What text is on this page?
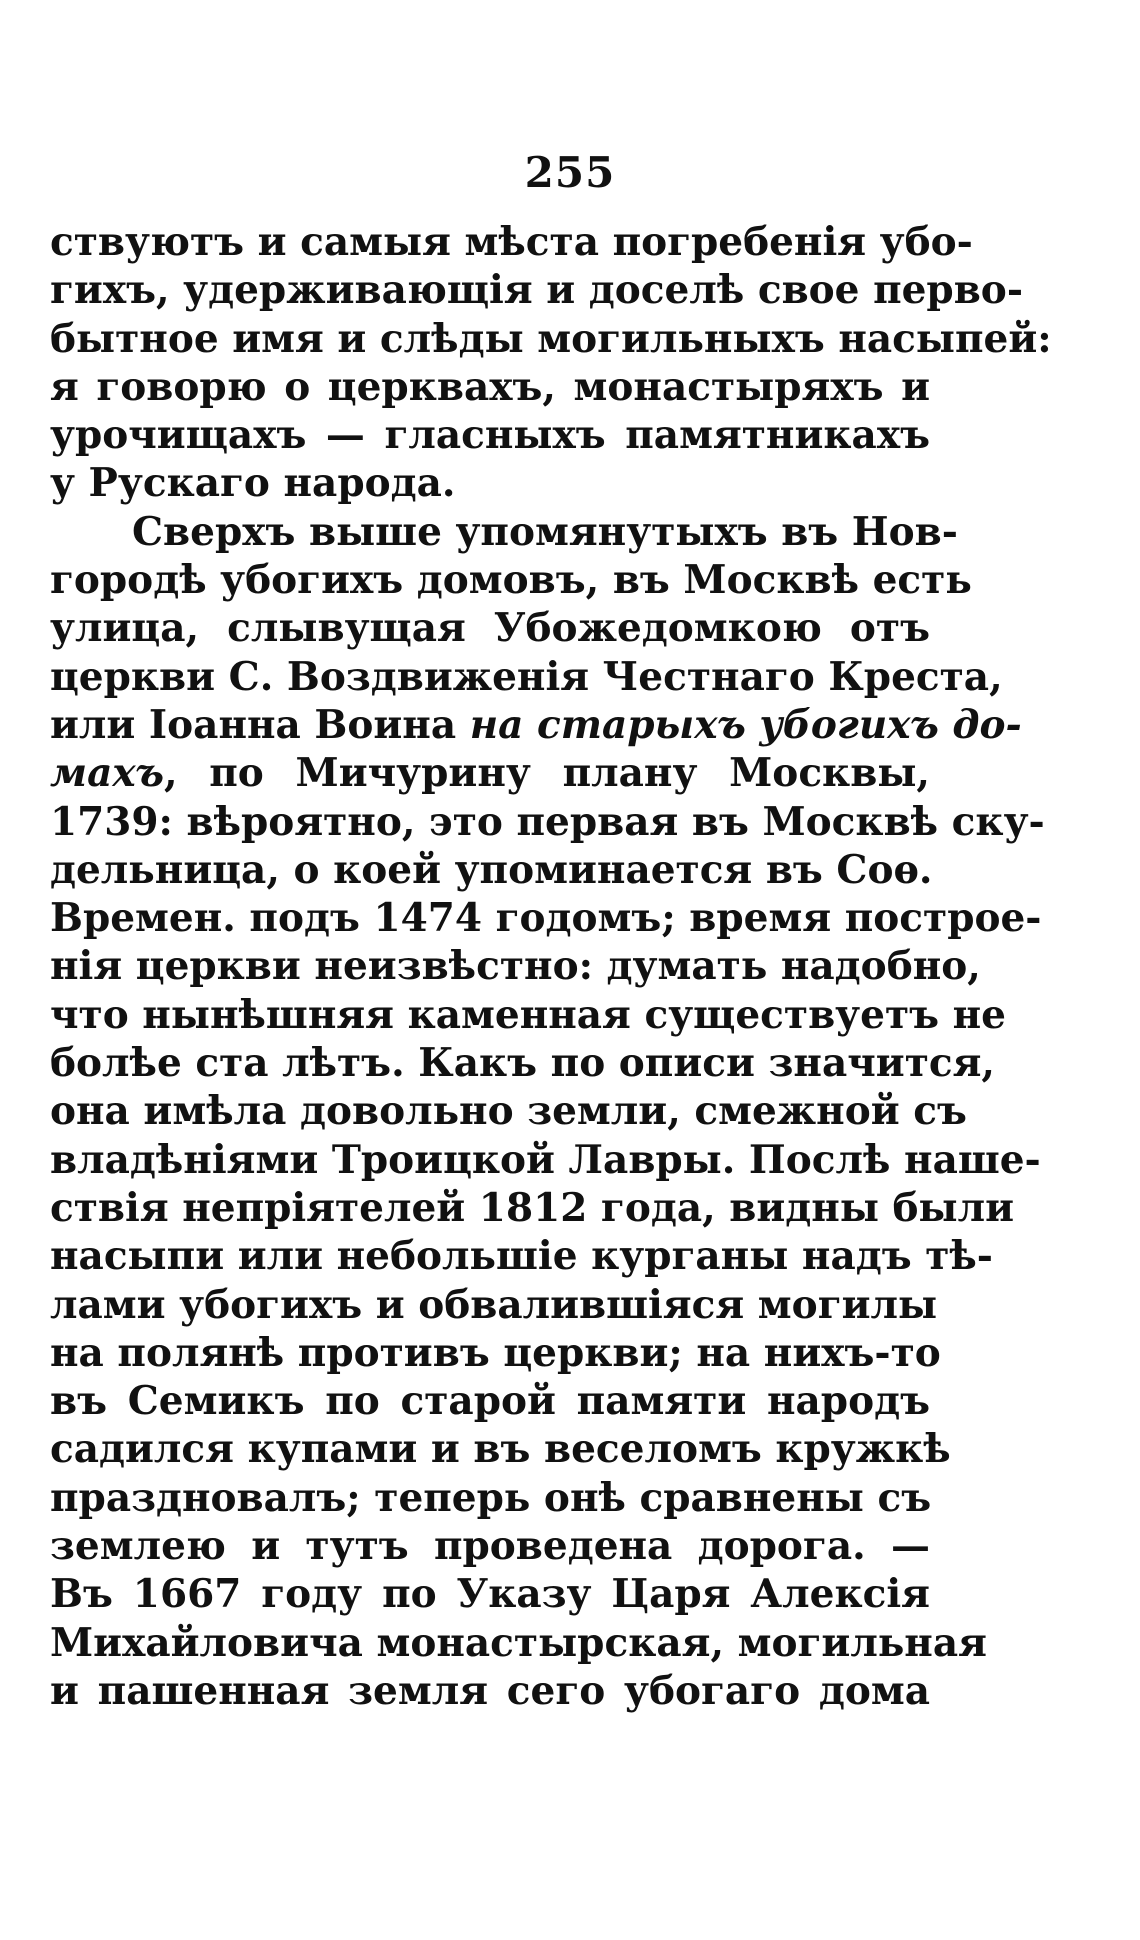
255
ствуютъ и самыя мѣста погребенія убо-
гихъ, удерживающія и доселѣ свое перво-
бытное имя и слѣды могильныхъ насыпей:
я говорю о церквахъ, монастыряхъ и
урочищахъ — гласныхъ памятникахъ
у Рускаго народа.
Сверхъ выше упомянутыхъ въ Нов-
городѣ убогихъ домовъ, въ Москвѣ есть
улица, слывущая Убожедомкою отъ
церкви С. Воздвиженія Честнаго Креста,
или Іоанна Воина на старыхъ убогихъ до-
махъ, по Мичурину плану Москвы,
1739: вѣроятно, это первая въ Москвѣ ску-
дельница, о коей упоминается въ Соѳ.
Времен. подъ 1474 годомъ; время построе-
нія церкви неизвѣстно: думать надобно,
что нынѣшняя каменная существуетъ не
болѣе ста лѣтъ. Какъ по описи значится,
она имѣла довольно земли, смежной съ
владѣніями Троицкой Лавры. Послѣ наше-
ствія непріятелей 1812 года, видны были
насыпи или небольшіе курганы надъ тѣ-
лами убогихъ и обвалившіяся могилы
на полянѣ противъ церкви; на нихъ-то
въ Семикъ по старой памяти народъ
садился купами и въ веселомъ кружкѣ
праздновалъ; теперь онѣ сравнены съ
землею и тутъ проведена дорога. —
Въ 1667 году по Указу Царя Алексія
Михайловича монастырская, могильная
и пашенная земля сего убогаго дома
